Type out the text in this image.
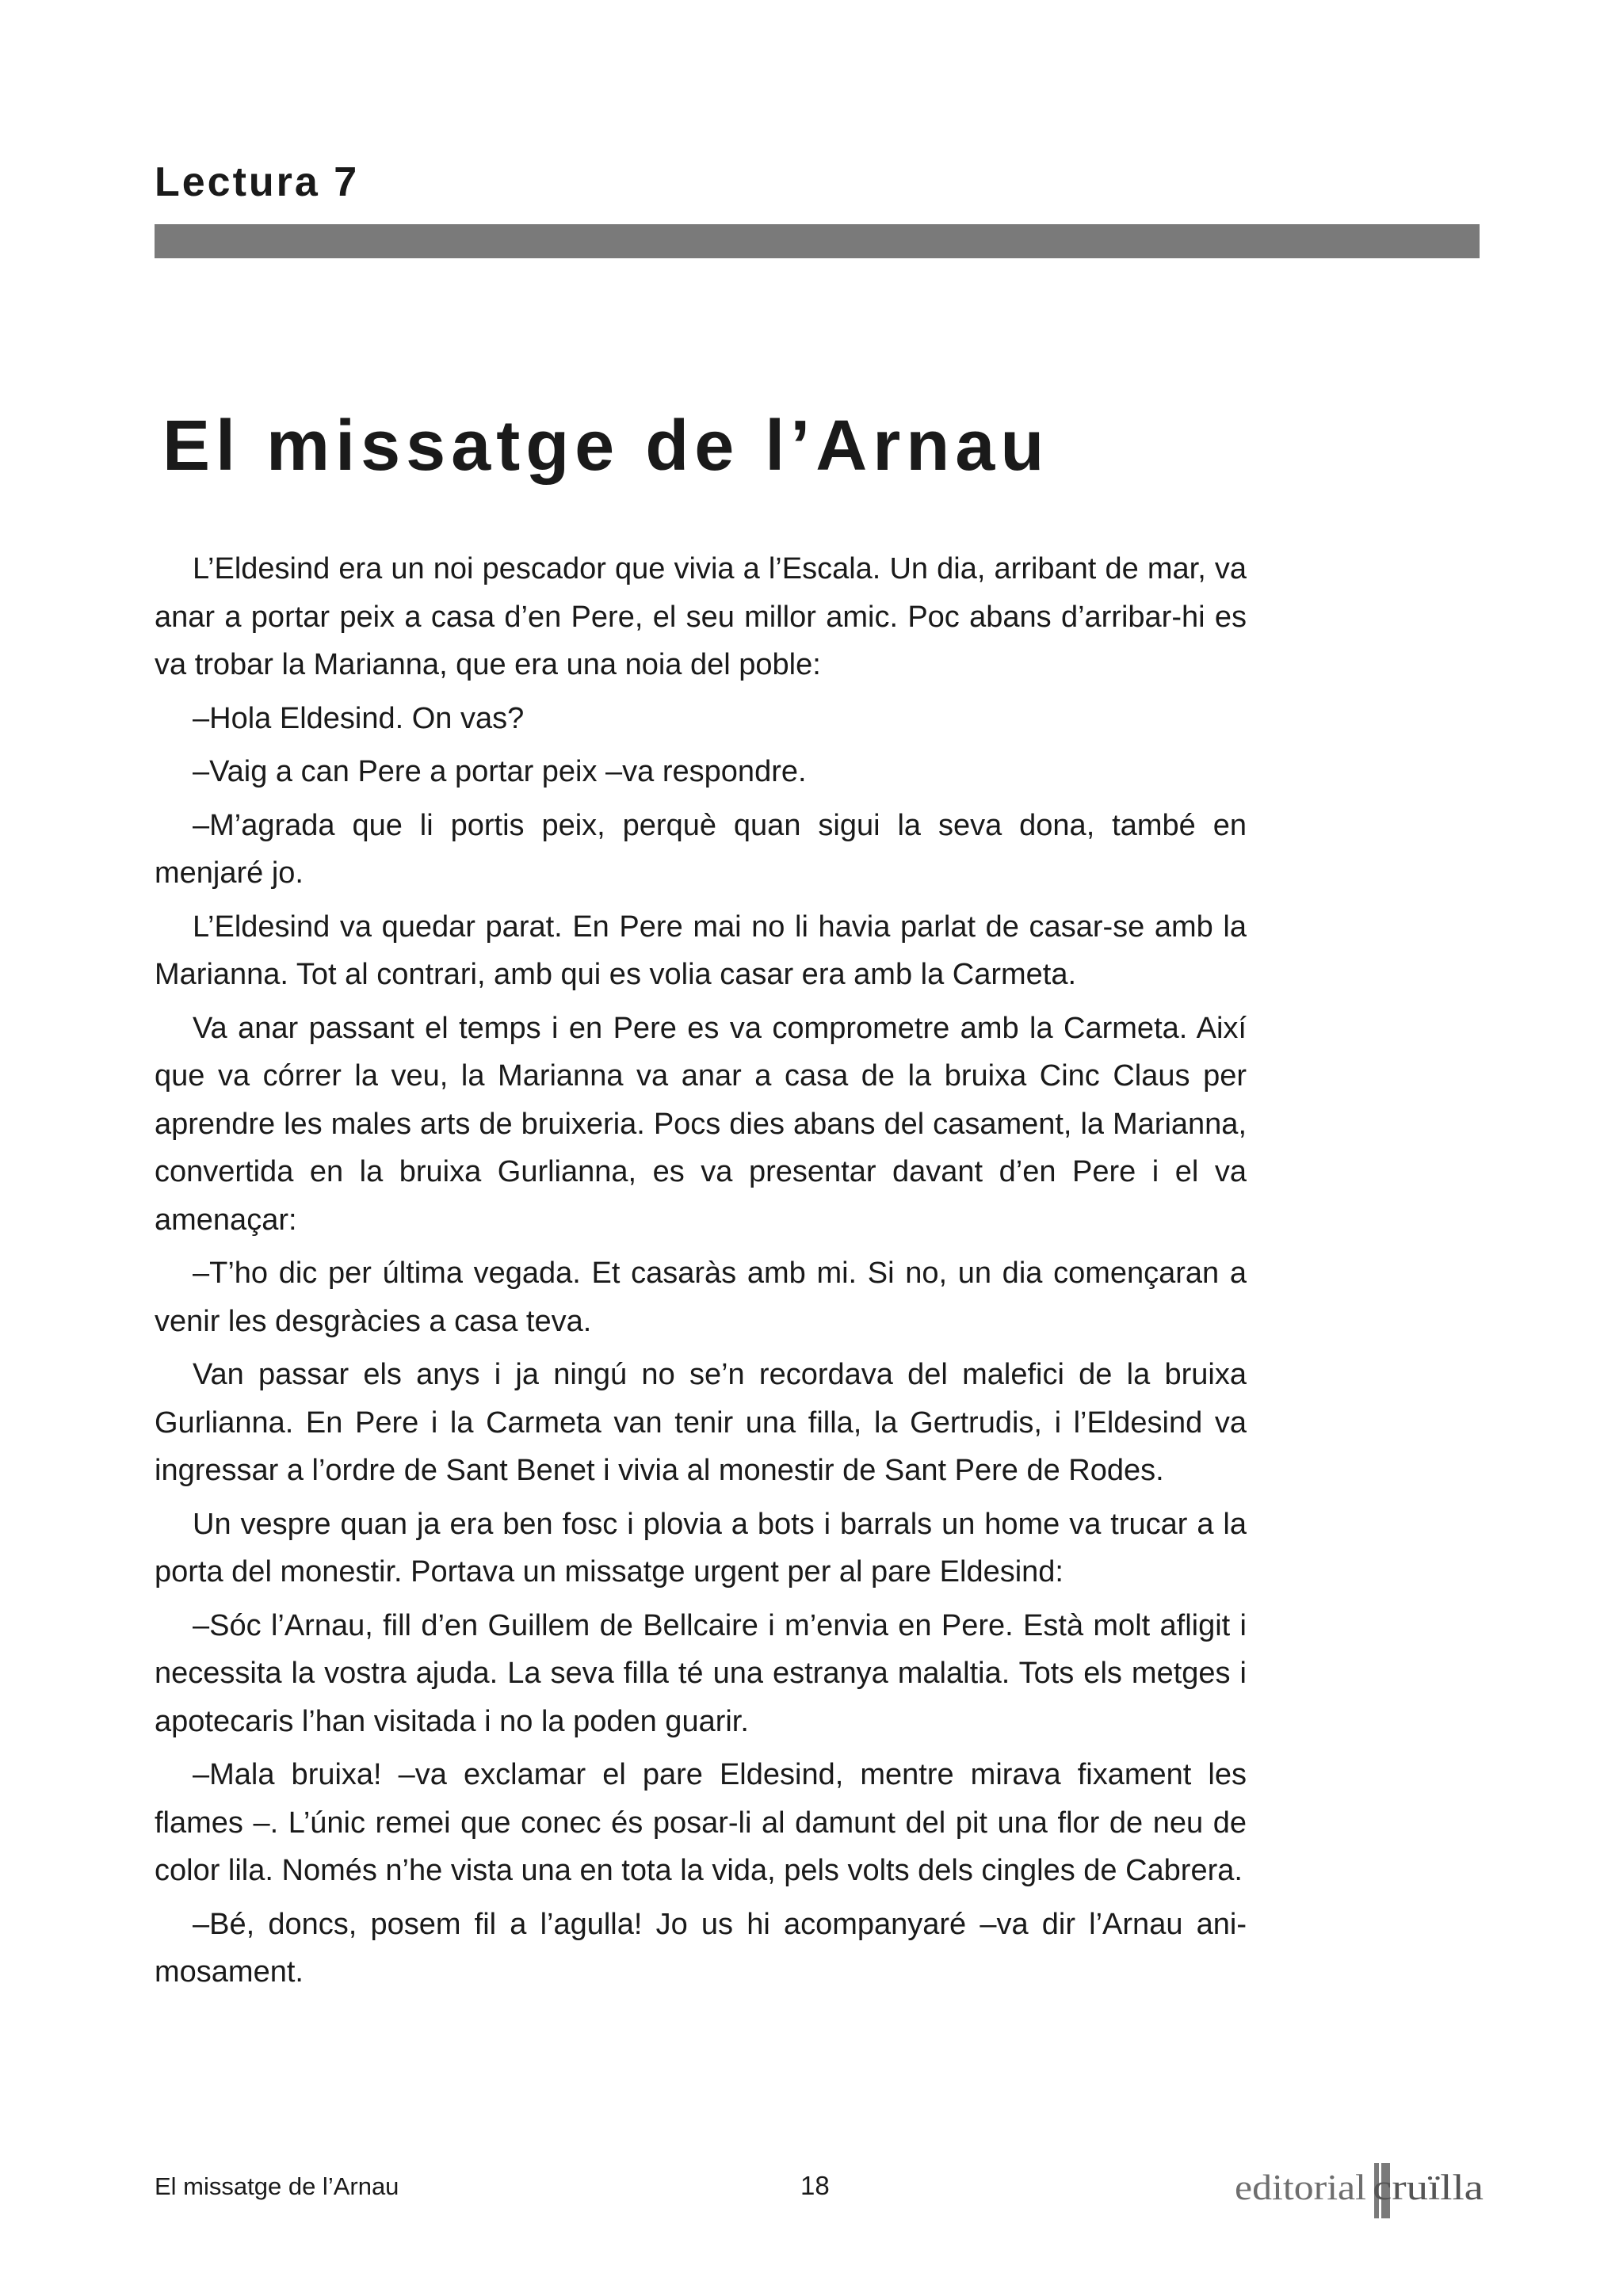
Lectura 7
El missatge de l’Arnau

L’Eldesind era un noi pescador que vivia a l’Escala. Un dia, arribant de mar, va anar a portar peix a casa d’en Pere, el seu millor amic. Poc abans d’arribar-hi es va trobar la Marianna, que era una noia del poble:

–Hola Eldesind. On vas?

–Vaig a can Pere a portar peix –va respondre.

–M’agrada que li portis peix, perquè quan sigui la seva dona, també en menjaré jo.

L’Eldesind va quedar parat. En Pere mai no li havia parlat de casar-se amb la Marianna. Tot al contrari, amb qui es volia casar era amb la Carmeta.

Va anar passant el temps i en Pere es va comprometre amb la Carmeta. Així que va córrer la veu, la Marianna va anar a casa de la bruixa Cinc Claus per aprendre les males arts de bruixeria. Pocs dies abans del casament, la Marianna, convertida en la bruixa Gurlianna, es va presentar davant d’en Pere i el va amenaçar:

–T’ho dic per última vegada. Et casaràs amb mi. Si no, un dia començaran a venir les desgràcies a casa teva.

Van passar els anys i ja ningú no se’n recordava del malefici de la bruixa Gurlianna. En Pere i la Carmeta van tenir una filla, la Gertrudis, i l’Eldesind va ingressar a l’ordre de Sant Benet i vivia al monestir de Sant Pere de Rodes.

Un vespre quan ja era ben fosc i plovia a bots i barrals un home va trucar a la porta del monestir. Portava un missatge urgent per al pare Eldesind:

–Sóc l’Arnau, fill d’en Guillem de Bellcaire i m’envia en Pere. Està molt afligit i necessita la vostra ajuda. La seva filla té una estranya malaltia. Tots els metges i apotecaris l’han visitada i no la poden guarir.

–Mala bruixa! –va exclamar el pare Eldesind, mentre mirava fixament les flames –. L’únic remei que conec és posar-li al damunt del pit una flor de neu de color lila. Només n’he vista una en tota la vida, pels volts dels cingles de Cabrera.

–Bé, doncs, posem fil a l’agulla! Jo us hi acompanyaré –va dir l’Arnau animosament.

El missatge de l’Arnau	18	editorial cruïlla
